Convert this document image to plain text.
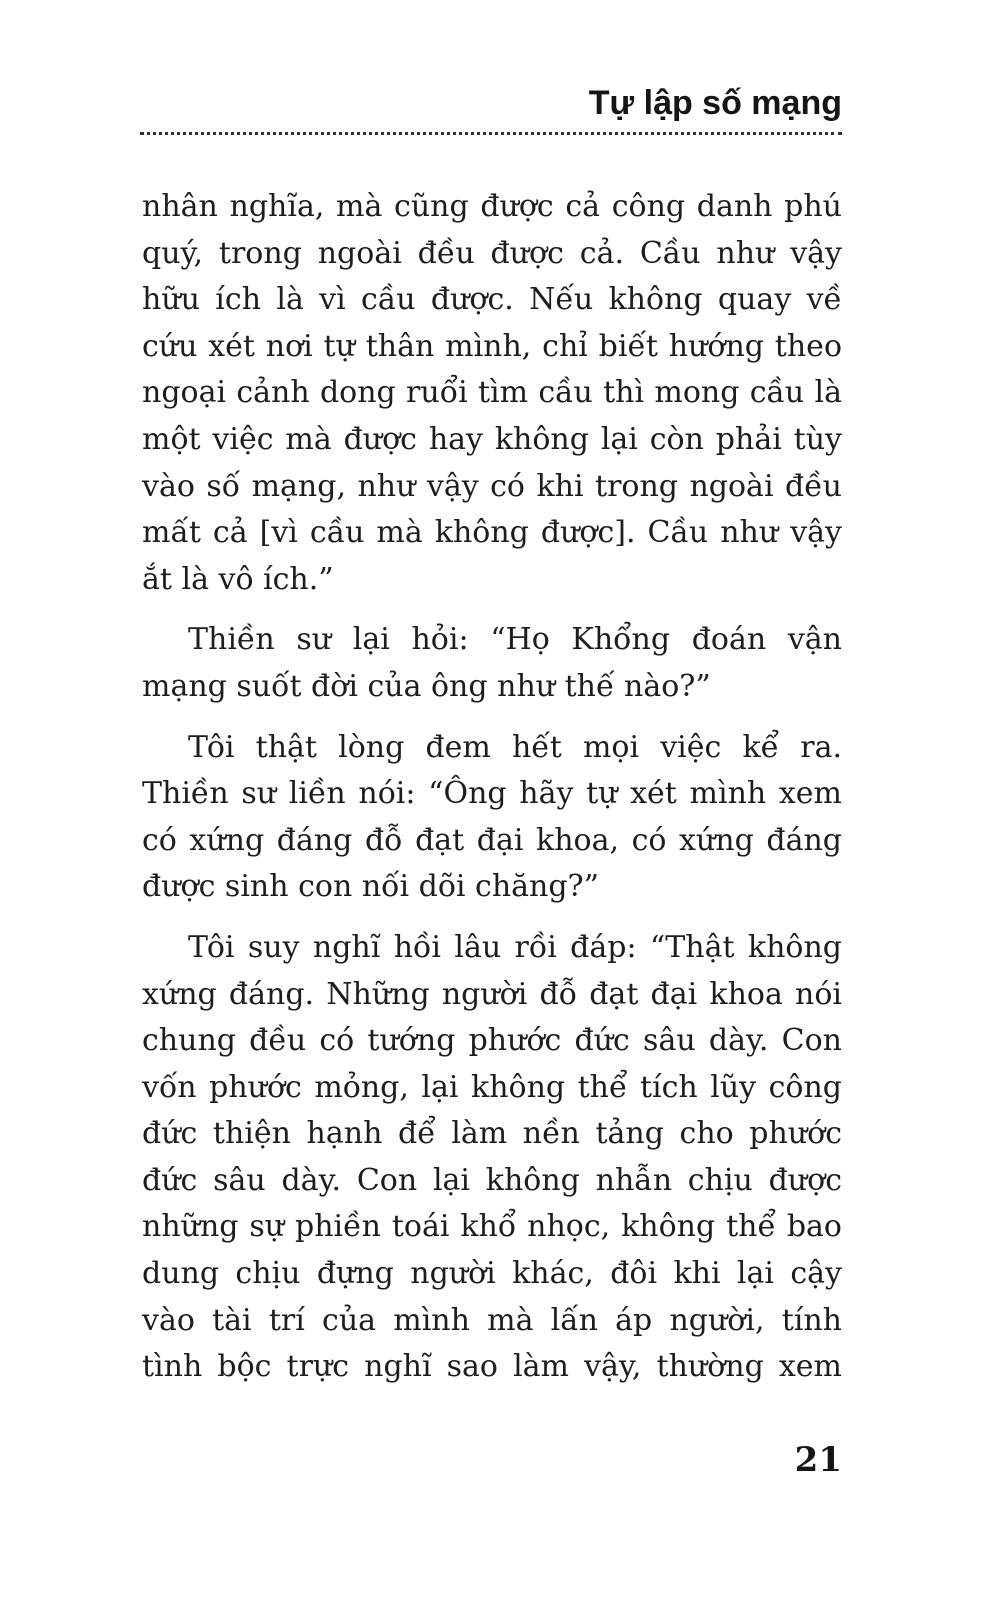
Tự lập số mạng

nhân nghĩa, mà cũng được cả công danh phú
quý, trong ngoài đều được cả. Cầu như vậy
hữu ích là vì cầu được. Nếu không quay về
cứu xét nơi tự thân mình, chỉ biết hướng theo
ngoại cảnh dong ruổi tìm cầu thì mong cầu là
một việc mà được hay không lại còn phải tùy
vào số mạng, như vậy có khi trong ngoài đều
mất cả [vì cầu mà không được]. Cầu như vậy
ắt là vô ích.”

Thiền sư lại hỏi: “Họ Khổng đoán vận
mạng suốt đời của ông như thế nào?”

Tôi thật lòng đem hết mọi việc kể ra.
Thiền sư liền nói: “Ông hãy tự xét mình xem
có xứng đáng đỗ đạt đại khoa, có xứng đáng
được sinh con nối dõi chăng?”

Tôi suy nghĩ hồi lâu rồi đáp: “Thật không
xứng đáng. Những người đỗ đạt đại khoa nói
chung đều có tướng phước đức sâu dày. Con
vốn phước mỏng, lại không thể tích lũy công
đức thiện hạnh để làm nền tảng cho phước
đức sâu dày. Con lại không nhẫn chịu được
những sự phiền toái khổ nhọc, không thể bao
dung chịu đựng người khác, đôi khi lại cậy
vào tài trí của mình mà lấn áp người, tính
tình bộc trực nghĩ sao làm vậy, thường xem

21
